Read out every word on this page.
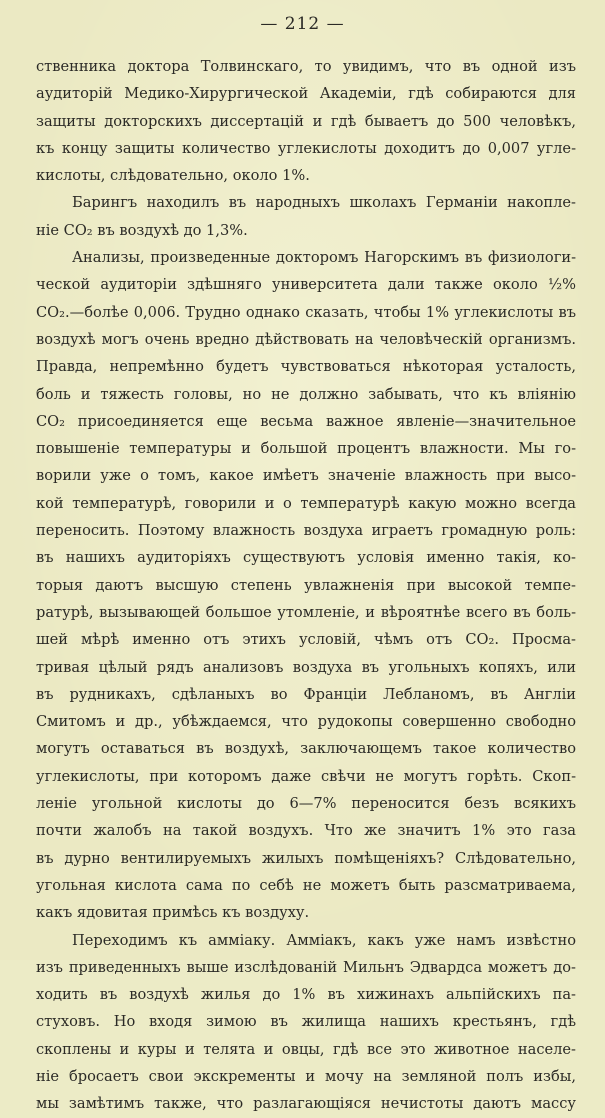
— 212 —
ственника доктора Толвинскаго, то увидимъ, что въ одной изъ
аудиторій Медико-Хирургической Академіи, гдѣ собираются для
защиты докторскихъ диссертацій и гдѣ бываетъ до 500 человѣкъ,
къ концу защиты количество углекислоты доходитъ до 0,007 угле-
кислоты, слѣдовательно, около 1%.
Барингъ находилъ въ народныхъ школахъ Германіи накопле-
ніе CO₂ въ воздухѣ до 1,3%.
Анализы, произведенные докторомъ Нагорскимъ въ физиологи-
ческой аудиторіи здѣшняго университета дали также около ½%
CO₂.—болѣе 0,006. Трудно однако сказать, чтобы 1% углекислоты въ
воздухѣ могъ очень вредно дѣйствовать на человѣческій организмъ.
Правда, непремѣнно будетъ чувствоваться нѣкоторая усталость,
боль и тяжесть головы, но не должно забывать, что къ вліянію
CO₂ присоединяется еще весьма важное явленіе—значительное
повышеніе температуры и большой процентъ влажности. Мы го-
ворили уже о томъ, какое имѣетъ значеніе влажность при высо-
кой температурѣ, говорили и о температурѣ какую можно всегда
переносить. Поэтому влажность воздуха играетъ громадную роль:
въ нашихъ аудиторіяхъ существуютъ условія именно такія, ко-
торыя даютъ высшую степень увлажненія при высокой темпе-
ратурѣ, вызывающей большое утомленіе, и вѣроятнѣе всего въ боль-
шей мѣрѣ именно отъ этихъ условій, чѣмъ отъ CO₂. Просма-
тривая цѣлый рядъ анализовъ воздуха въ угольныхъ копяхъ, или
въ рудникахъ, сдѣланыхъ во Франціи Лебланомъ, въ Англіи
Смитомъ и др., убѣждаемся, что рудокопы совершенно свободно
могутъ оставаться въ воздухѣ, заключающемъ такое количество
углекислоты, при которомъ даже свѣчи не могутъ горѣть. Скоп-
леніе угольной кислоты до 6—7% переносится безъ всякихъ
почти жалобъ на такой воздухъ. Что же значитъ 1% это газа
въ дурно вентилируемыхъ жилыхъ помѣщеніяхъ? Слѣдовательно,
угольная кислота сама по себѣ не можетъ быть разсматриваема,
какъ ядовитая примѣсь къ воздуху.
Переходимъ къ аммiаку. Аммiакъ, какъ уже намъ извѣстно
изъ приведенныхъ выше изслѣдованій Мильнъ Эдвардса можетъ до-
ходить въ воздухѣ жилья до 1% въ хижинахъ альпійскихъ па-
стуховъ. Но входя зимою въ жилища нашихъ крестьянъ, гдѣ
скоплены и куры и телята и овцы, гдѣ все это животное населе-
ніе бросаетъ свои экскременты и мочу на земляной полъ избы,
мы замѣтимъ также, что разлагающіяся нечистоты даютъ массу
